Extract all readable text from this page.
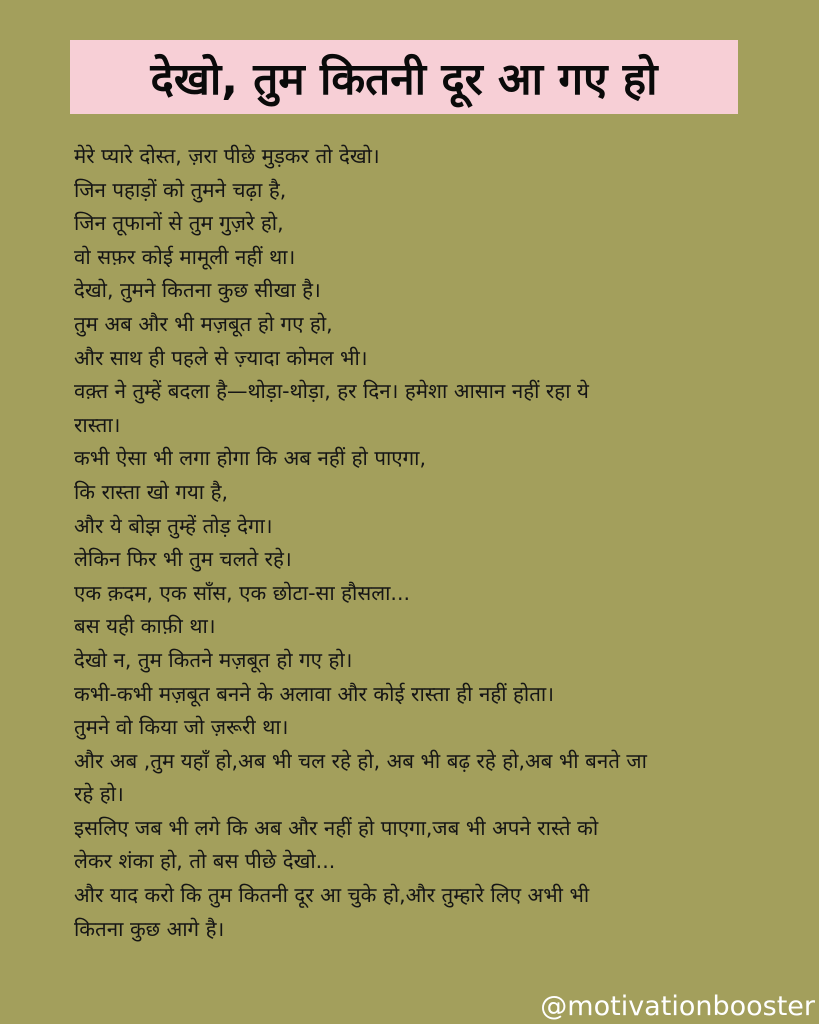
देखो, तुम कितनी दूर आ गए हो
मेरे प्यारे दोस्त, ज़रा पीछे मुड़कर तो देखो।
जिन पहाड़ों को तुमने चढ़ा है,
जिन तूफानों से तुम गुज़रे हो,
वो सफ़र कोई मामूली नहीं था।
देखो, तुमने कितना कुछ सीखा है।
तुम अब और भी मज़बूत हो गए हो,
और साथ ही पहले से ज़्यादा कोमल भी।
वक़्त ने तुम्हें बदला है—थोड़ा-थोड़ा, हर दिन। हमेशा आसान नहीं रहा ये
रास्ता।
कभी ऐसा भी लगा होगा कि अब नहीं हो पाएगा,
कि रास्ता खो गया है,
और ये बोझ तुम्हें तोड़ देगा।
लेकिन फिर भी तुम चलते रहे।
एक क़दम, एक साँस, एक छोटा-सा हौसला...
बस यही काफ़ी था।
देखो न, तुम कितने मज़बूत हो गए हो।
कभी-कभी मज़बूत बनने के अलावा और कोई रास्ता ही नहीं होता।
तुमने वो किया जो ज़रूरी था।
और अब ,तुम यहाँ हो,अब भी चल रहे हो, अब भी बढ़ रहे हो,अब भी बनते जा
रहे हो।
इसलिए जब भी लगे कि अब और नहीं हो पाएगा,जब भी अपने रास्ते को
लेकर शंका हो, तो बस पीछे देखो...
और याद करो कि तुम कितनी दूर आ चुके हो,और तुम्हारे लिए अभी भी
कितना कुछ आगे है।
@motivationbooster
